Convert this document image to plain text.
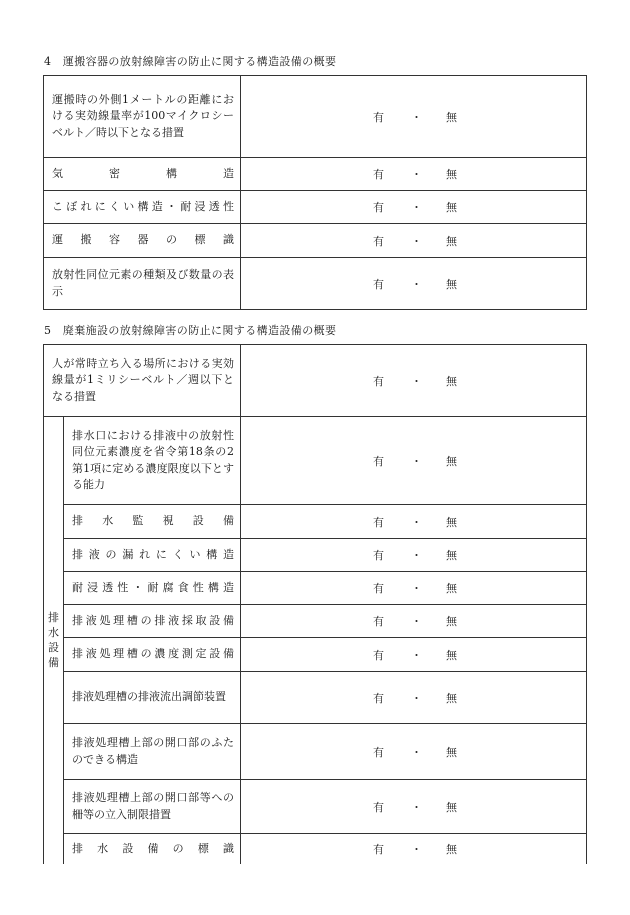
4　運搬容器の放射線障害の防止に関する構造設備の概要
運搬時の外側1メートルの距離における実効線量率が100マイクロシーベルト／時以下となる措置	有 ・ 無

気　　密　　構　　造	有 ・ 無

こぼれにくい構造・耐浸透性	有 ・ 無

運　搬　容　器　の　標　識	有 ・ 無

放射性同位元素の種類及び数量の表示	有 ・ 無
5　廃棄施設の放射線障害の防止に関する構造設備の概要
人が常時立ち入る場所における実効線量が1ミリシーベルト／週以下となる措置		有 ・ 無

排
水
設
備	排水口における排液中の放射性同位元素濃度を省令第18条の2第1項に定める濃度限度以下とする能力	有 ・ 無

	排　水　監　視　設　備	有 ・ 無

	排液の漏れにくい構造	有 ・ 無

	耐浸透性・耐腐食性構造	有 ・ 無

	排液処理槽の排液採取設備	有 ・ 無

	排液処理槽の濃度測定設備	有 ・ 無

	排液処理槽の排液流出調節装置	有 ・ 無

	排液処理槽上部の開口部のふたのできる構造	有 ・ 無

	排液処理槽上部の開口部等への柵等の立入制限措置	有 ・ 無

	排　水　設　備　の　標　識	有 ・ 無
